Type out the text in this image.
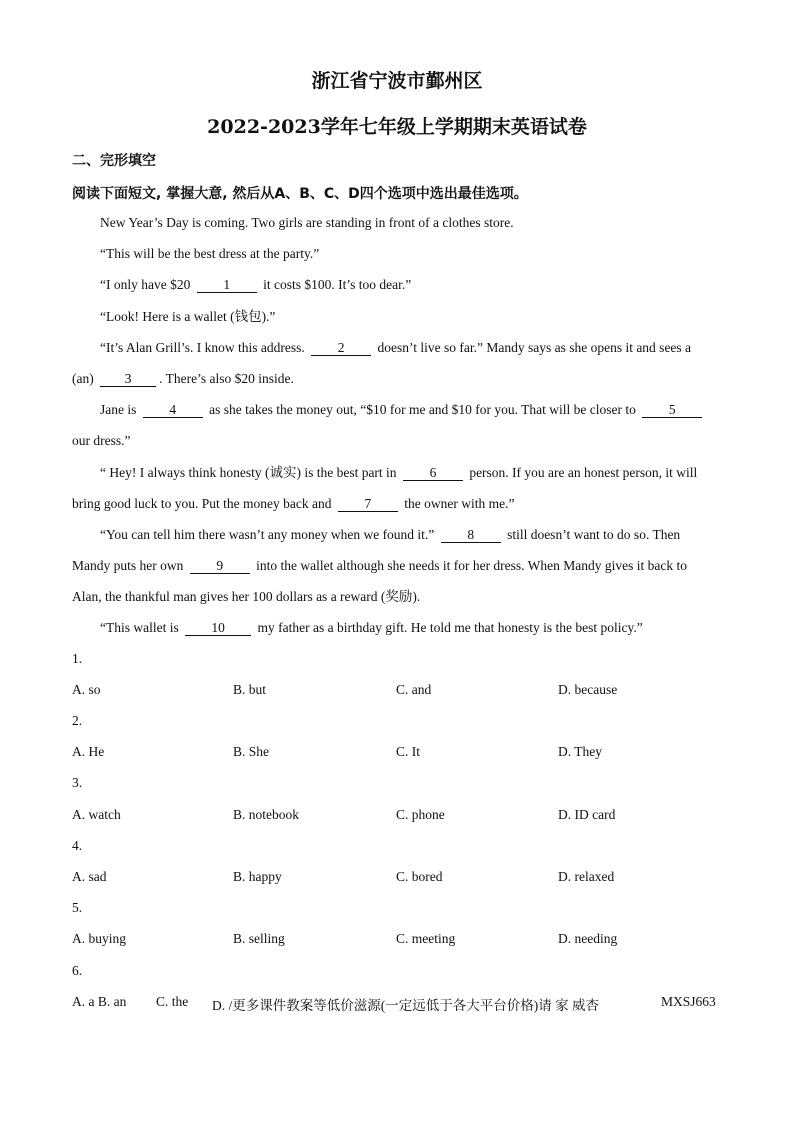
浙江省宁波市鄞州区
2022-2023学年七年级上学期期末英语试卷
二、完形填空
阅读下面短文, 掌握大意, 然后从A、B、C、D四个选项中选出最佳选项。
New Year’s Day is coming. Two girls are standing in front of a clothes store.
“This will be the best dress at the party.”
“I only have $20 1 it costs $100. It’s too dear.”
“Look! Here is a wallet (钱包).”
“It’s Alan Grill’s. I know this address. 2 doesn’t live so far.” Mandy says as she opens it and sees a
(an) 3 . There’s also $20 inside.
Jane is 4 as she takes the money out, “$10 for me and $10 for you. That will be closer to 5
our dress.”
“ Hey! I always think honesty (诚实) is the best part in 6 person. If you are an honest person, it will
bring good luck to you. Put the money back and 7 the owner with me.”
“You can tell him there wasn’t any money when we found it.” 8 still doesn’t want to do so. Then
Mandy puts her own 9 into the wallet although she needs it for her dress. When Mandy gives it back to
Alan, the thankful man gives her 100 dollars as a reward (奖励).
“This wallet is 10 my father as a birthday gift. He told me that honesty is the best policy.”
1.
A. so	B. but	C. and	D. because
2.
A. He	B. She	C. It	D. They
3.
A. watch	B. notebook	C. phone	D. ID card
4.
A. sad	B. happy	C. bored	D. relaxed
5.
A. buying	B. selling	C. meeting	D. needing
6.
A. a B. an C. the D. /更多课件教案等低价滋源(一定远低于各大平台价格)请 家 威杏	MXSJ663
